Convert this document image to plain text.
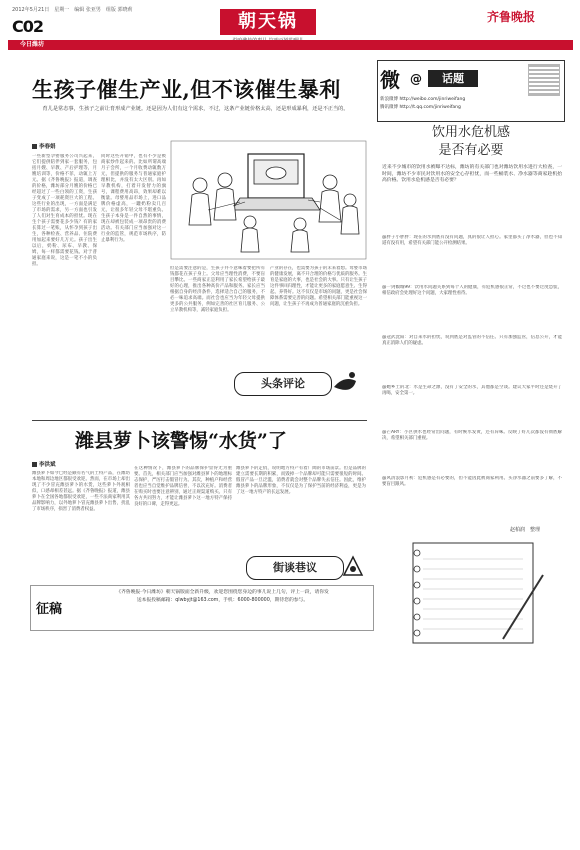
2012年5月21日　星期一　编辑 张亚男　组版 郭晓莉
C02	朝天锅	齐鲁晚报
今日潍坊
生孩子催生产业,但不该催生暴利
育儿是常态事，生孩子之前让育形成产业链。还是因为人们有这个需求，不过，这条产业链价格太高，还是形成暴利，还是不正当的。
李春娟
一些新型孕婴服务公司兴起来，它们提供陪伴到家一套服务，包括月嫂、早教、产后护理等，月嫂培训等，价格不菲，动辄上万元。据《齐鲁晚报》报道，调查的价格，潍坊部分月嫂的价格已经超过了一些白领的工资，生孩子变成了一项耗资巨大的工程。这些行业的出现，一方面是满足了市场的需求，另一方面也引发了人们对生育成本的担忧。现在生个孩子需要花多少钱？有的家长算过一笔账，从怀孕到孩子出生，各种检查、营养品、住院费用加起来要好几万元。孩子出生以后，奶粉、尿布、早教、保姆，每一样都需要花钱。对于普通家庭来说，这是一笔不小的负担。
同时这些开销中，也有不少是被商家炒作起来的。比如所谓高端月子会所，一个月收费动辄数万元，但提供的服务与普通家庭护理相比，并没有太大区别。再如早教机构，打着开发智力的旗号，课程费用高昂，效果却难以衡量。母婴用品市场上，进口品牌价格虚高，一罐奶粉卖几百元，让很多年轻父母不堪重负。生孩子本身是一件自然的事情，现在却被包装成一项昂贵的消费活动。有关部门应当加强对这一行业的监管，规范市场秩序，防止暴利行为。
但是需要注意的是，生孩子并不意味着要把所有钱都花在孩子身上。父母应当理性消费，不要盲目攀比。一些商家正是利用了家长希望给孩子最好的心理，推出各种高价产品和服务。家长应当根据自身的经济条件，选择适合自己的服务，不必一味追求高端。而社会也应当为年轻父母提供更多的公共服务，例如完善的社区育儿服务、公立早教机构等，减轻家庭负担。
产业的存在，也需要为孩子的未来着想。母婴市场的健康发展，离不开合理的价格与优质的服务。生育是家庭的大事，也是社会的大事。只有让生孩子这件事回归理性，才能让更多的家庭愿意生、生得起、养得好。这不仅仅是市场的问题，更是社会保障体系需要完善的问题。希望相关部门能重视这一问题，让生孩子不再成为普通家庭的沉重负担。
头条评论
潍县萝卜该警惕“水货”了
李洪斌
潍县萝卜如今已经是颇有名气的土特产品，在潍坊本地和周边地区都很受欢迎。然而，在市场上却出现了不少冒充潍县萝卜的水货，这些萝卜外观相似，口感却相差甚远。据《齐鲁晚报》报道，潍县萝卜在全国各地都很受欢迎，一些不法商家利用其品牌影响力，以外地萝卜冒充潍县萝卜出售，扰乱了市场秩序，损害了消费者权益。
在这种情况下，潍县萝卜的品牌保护显得尤为重要。首先，相关部门应当加强对潍县萝卜的地理标志保护，严厉打击假冒行为。其次，种植户和经营者也应当自觉维护品牌信誉，不以次充好。消费者在购买时也要注意辨别，通过正规渠道购买。只有各方共同努力，才能让潍县萝卜这一地方特产保持良好的口碑，走得更远。
潍县萝卜的走俏，说明地方特产有着广阔的市场前景。但是品牌的建立需要长期的积累，而毁掉一个品牌却可能只需要很短的时间。假冒产品一旦泛滥，消费者就会对整个品牌失去信任。因此，维护潍县萝卜的品牌形象，不仅仅是为了保护当前的经济利益，更是为了这一地方特产的长远发展。
街谈巷议
征稿
《齐鲁晚报·今日潍坊》朝天锅版面全新升级，欢迎您围绕您身边的事儿说上几句，评上一段，请你发
送本报投稿邮箱：qlwbyjt@163.com，手机：6000-800000，期待您的参与。
微 @	话题
新浪微博 http://weibo.com/jinriweifang
腾讯微博 http://t.qq.com/jinriweifang
饮用水危机感
是否有必要
近来不少城市的饮用水被曝不达标，潍坊的有关部门也对潍坊饮用水进行大检查，一时间，潍坊不少市民对饮用水的安全心存担忧，而一些桶装水、净水器等商家趁机抬高价格。饮用水危机感是否有必要？
@胖子小胖胖：现在的水到底有没有问题，真的很让人担心。家里都买了净水器，但也不知道有没有用，希望有关部门能公开检测结果。
@一剑倾城99：饮用水问题关系到每个人的健康，有危机感很正常，不过也不要过度恐慌，相信政府会处理好这个问题，大家理性看待。
@冠武沈阳：对自来水的担忧，说到底是对监管的不信任。只有加强监管，信息公开，才能真正消除人们的疑虑。
@她乡土的北：水是生命之源，没有了安全的水，其他都是空谈。建议大家平时还是烧开了再喝，安全第一。
@芒ARY：小区供水也经常出问题，有时候水发黄，还有异味。反映了好几次都没有彻底解决，希望相关部门重视。
@风清浪影月初：危机感是有必要的，但不能因此被商家利用。买净水器之前要多了解，不要盲目跟风。
赵柏润　整理
